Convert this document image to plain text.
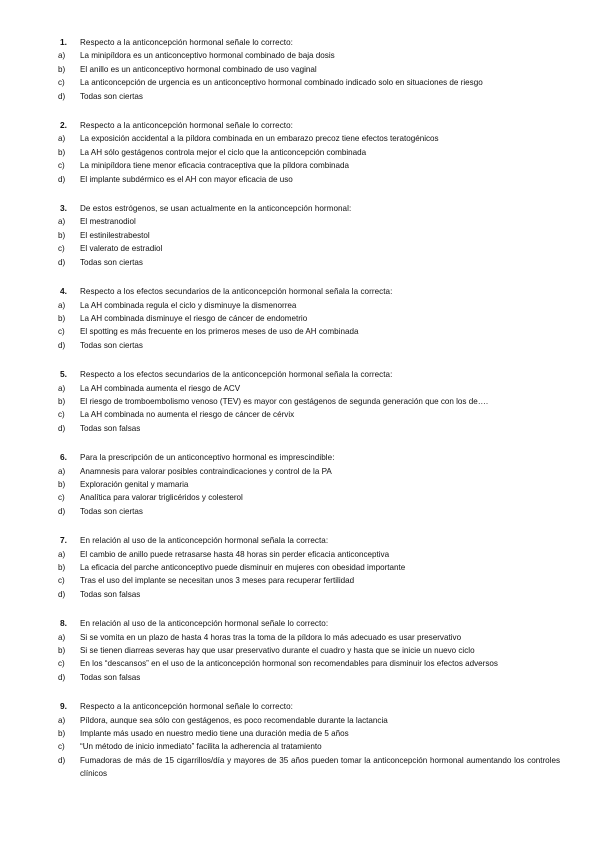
1.	Respecto a la anticoncepción hormonal señale lo correcto:
a)	La minipíldora es un anticonceptivo hormonal combinado de baja dosis
b)	El anillo es un anticonceptivo hormonal combinado de uso vaginal
c)	La anticoncepción de urgencia es un anticonceptivo hormonal combinado indicado solo en situaciones de riesgo
d)	Todas son ciertas
2.	Respecto a la anticoncepción hormonal señale lo correcto:
a)	La exposición accidental a la píldora combinada en un embarazo precoz tiene efectos teratogénicos
b)	La AH sólo gestágenos controla mejor el ciclo que la anticoncepción combinada
c)	La minipíldora tiene menor eficacia contraceptiva que la píldora combinada
d)	El implante subdérmico es el AH con mayor eficacia de uso
3.	De estos estrógenos, se usan actualmente en la anticoncepción hormonal:
a)	El mestranodiol
b)	El estinilestrabestol
c)	El valerato de estradiol
d)	Todas son ciertas
4.	Respecto a los efectos secundarios de la anticoncepción hormonal señala la correcta:
a)	La AH combinada regula el ciclo y disminuye la dismenorrea
b)	La AH combinada disminuye el riesgo de cáncer de endometrio
c)	El spotting es más frecuente en los primeros meses de uso de AH combinada
d)	Todas son ciertas
5.	Respecto a los efectos secundarios de la anticoncepción hormonal señala la correcta:
a)	La AH combinada aumenta el riesgo de ACV
b)	El riesgo de tromboembolismo venoso (TEV) es mayor con gestágenos de segunda generación que con los de….
c)	La AH combinada no aumenta el riesgo de cáncer de cérvix
d)	Todas son falsas
6.	Para la prescripción de un anticonceptivo hormonal es imprescindible:
a)	Anamnesis para valorar posibles contraindicaciones y control de la PA
b)	Exploración genital y mamaria
c)	Analítica para valorar triglicéridos y colesterol
d)	Todas son ciertas
7.	En relación al uso de la anticoncepción hormonal señala la correcta:
a)	El cambio de anillo puede retrasarse hasta 48 horas sin perder eficacia anticonceptiva
b)	La eficacia del parche anticonceptivo puede disminuir en mujeres con obesidad importante
c)	Tras el uso del implante se necesitan unos 3 meses para recuperar fertilidad
d)	Todas son falsas
8.	En relación al uso de la anticoncepción hormonal señale lo correcto:
a)	Si se vomita en un plazo de hasta 4 horas tras la toma de la píldora lo más adecuado es usar preservativo
b)	Si se tienen diarreas severas hay que usar preservativo durante el cuadro y hasta que se inicie un nuevo ciclo
c)	En los “descansos” en el uso de la anticoncepción hormonal son recomendables para disminuir los efectos adversos
d)	Todas son falsas
9.	Respecto a la anticoncepción hormonal señale lo correcto:
a)	Píldora, aunque sea sólo con gestágenos, es poco recomendable durante la lactancia
b)	Implante más usado en nuestro medio tiene una duración media de 5 años
c)	“Un método de inicio inmediato” facilita la adherencia al tratamiento
d)	Fumadoras de más de 15 cigarrillos/día y mayores de 35 años pueden tomar la anticoncepción hormonal aumentando los controles clínicos
